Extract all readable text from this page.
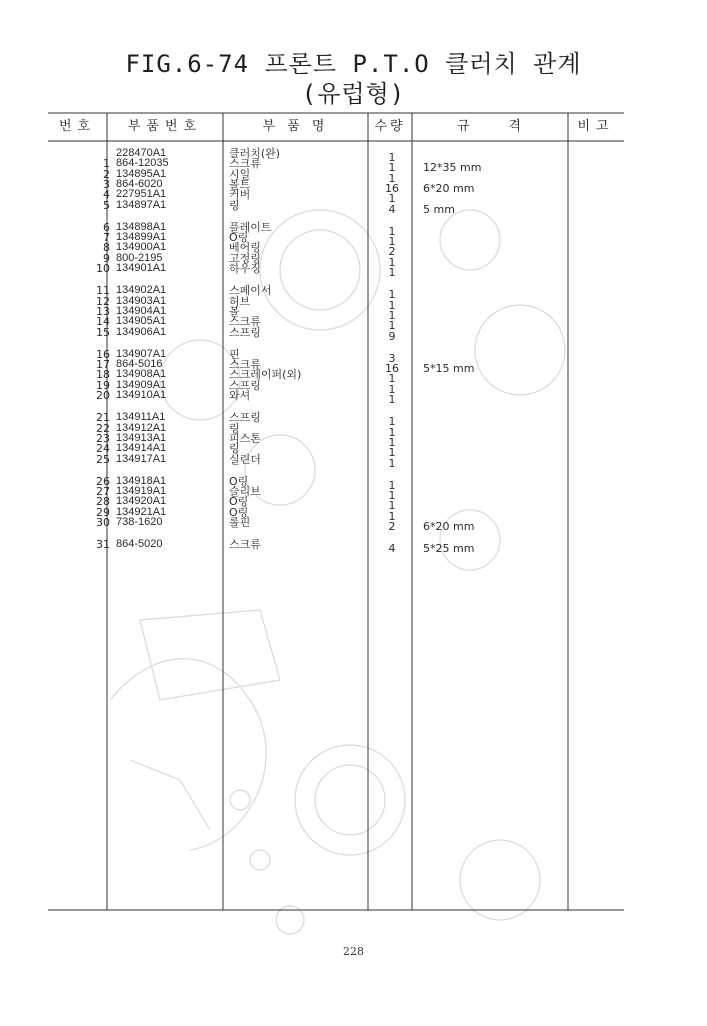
FIG.6-74 프론트 P.T.O 클러치 관계
(유럽형)
번호	부품번호	부 품 명	수량	규      격	비고
228470A1	클러치(완)	1
1 864-12035	스크류	1	12*35 mm
2 134895A1	시일	1
3 864-6020	볼트	16	6*20 mm
4 227951A1	커버	1
5 134897A1	링	4	5 mm
6 134898A1	플레이트	1
7 134899A1	O링	1
8 134900A1	베어링	2
9 800-2195	고정링	1
10 134901A1	하우징	1
11 134902A1	스페이서	1
12 134903A1	허브	1
13 134904A1	볼	1
14 134905A1	스크류	1
15 134906A1	스프링	9
16 134907A1	핀	3
17 864-5016	스크류	16	5*15 mm
18 134908A1	스크레이퍼(외)	1
19 134909A1	스프링	1
20 134910A1	와셔	1
21 134911A1	스프링	1
22 134912A1	링	1
23 134913A1	피스톤	1
24 134914A1	링	1
25 134917A1	실린더	1
26 134918A1	O링	1
27 134919A1	슬리브	1
28 134920A1	O링	1
29 134921A1	O링	1
30 738-1620	롤핀	2	6*20 mm
31 864-5020	스크류	4	5*25 mm
228
